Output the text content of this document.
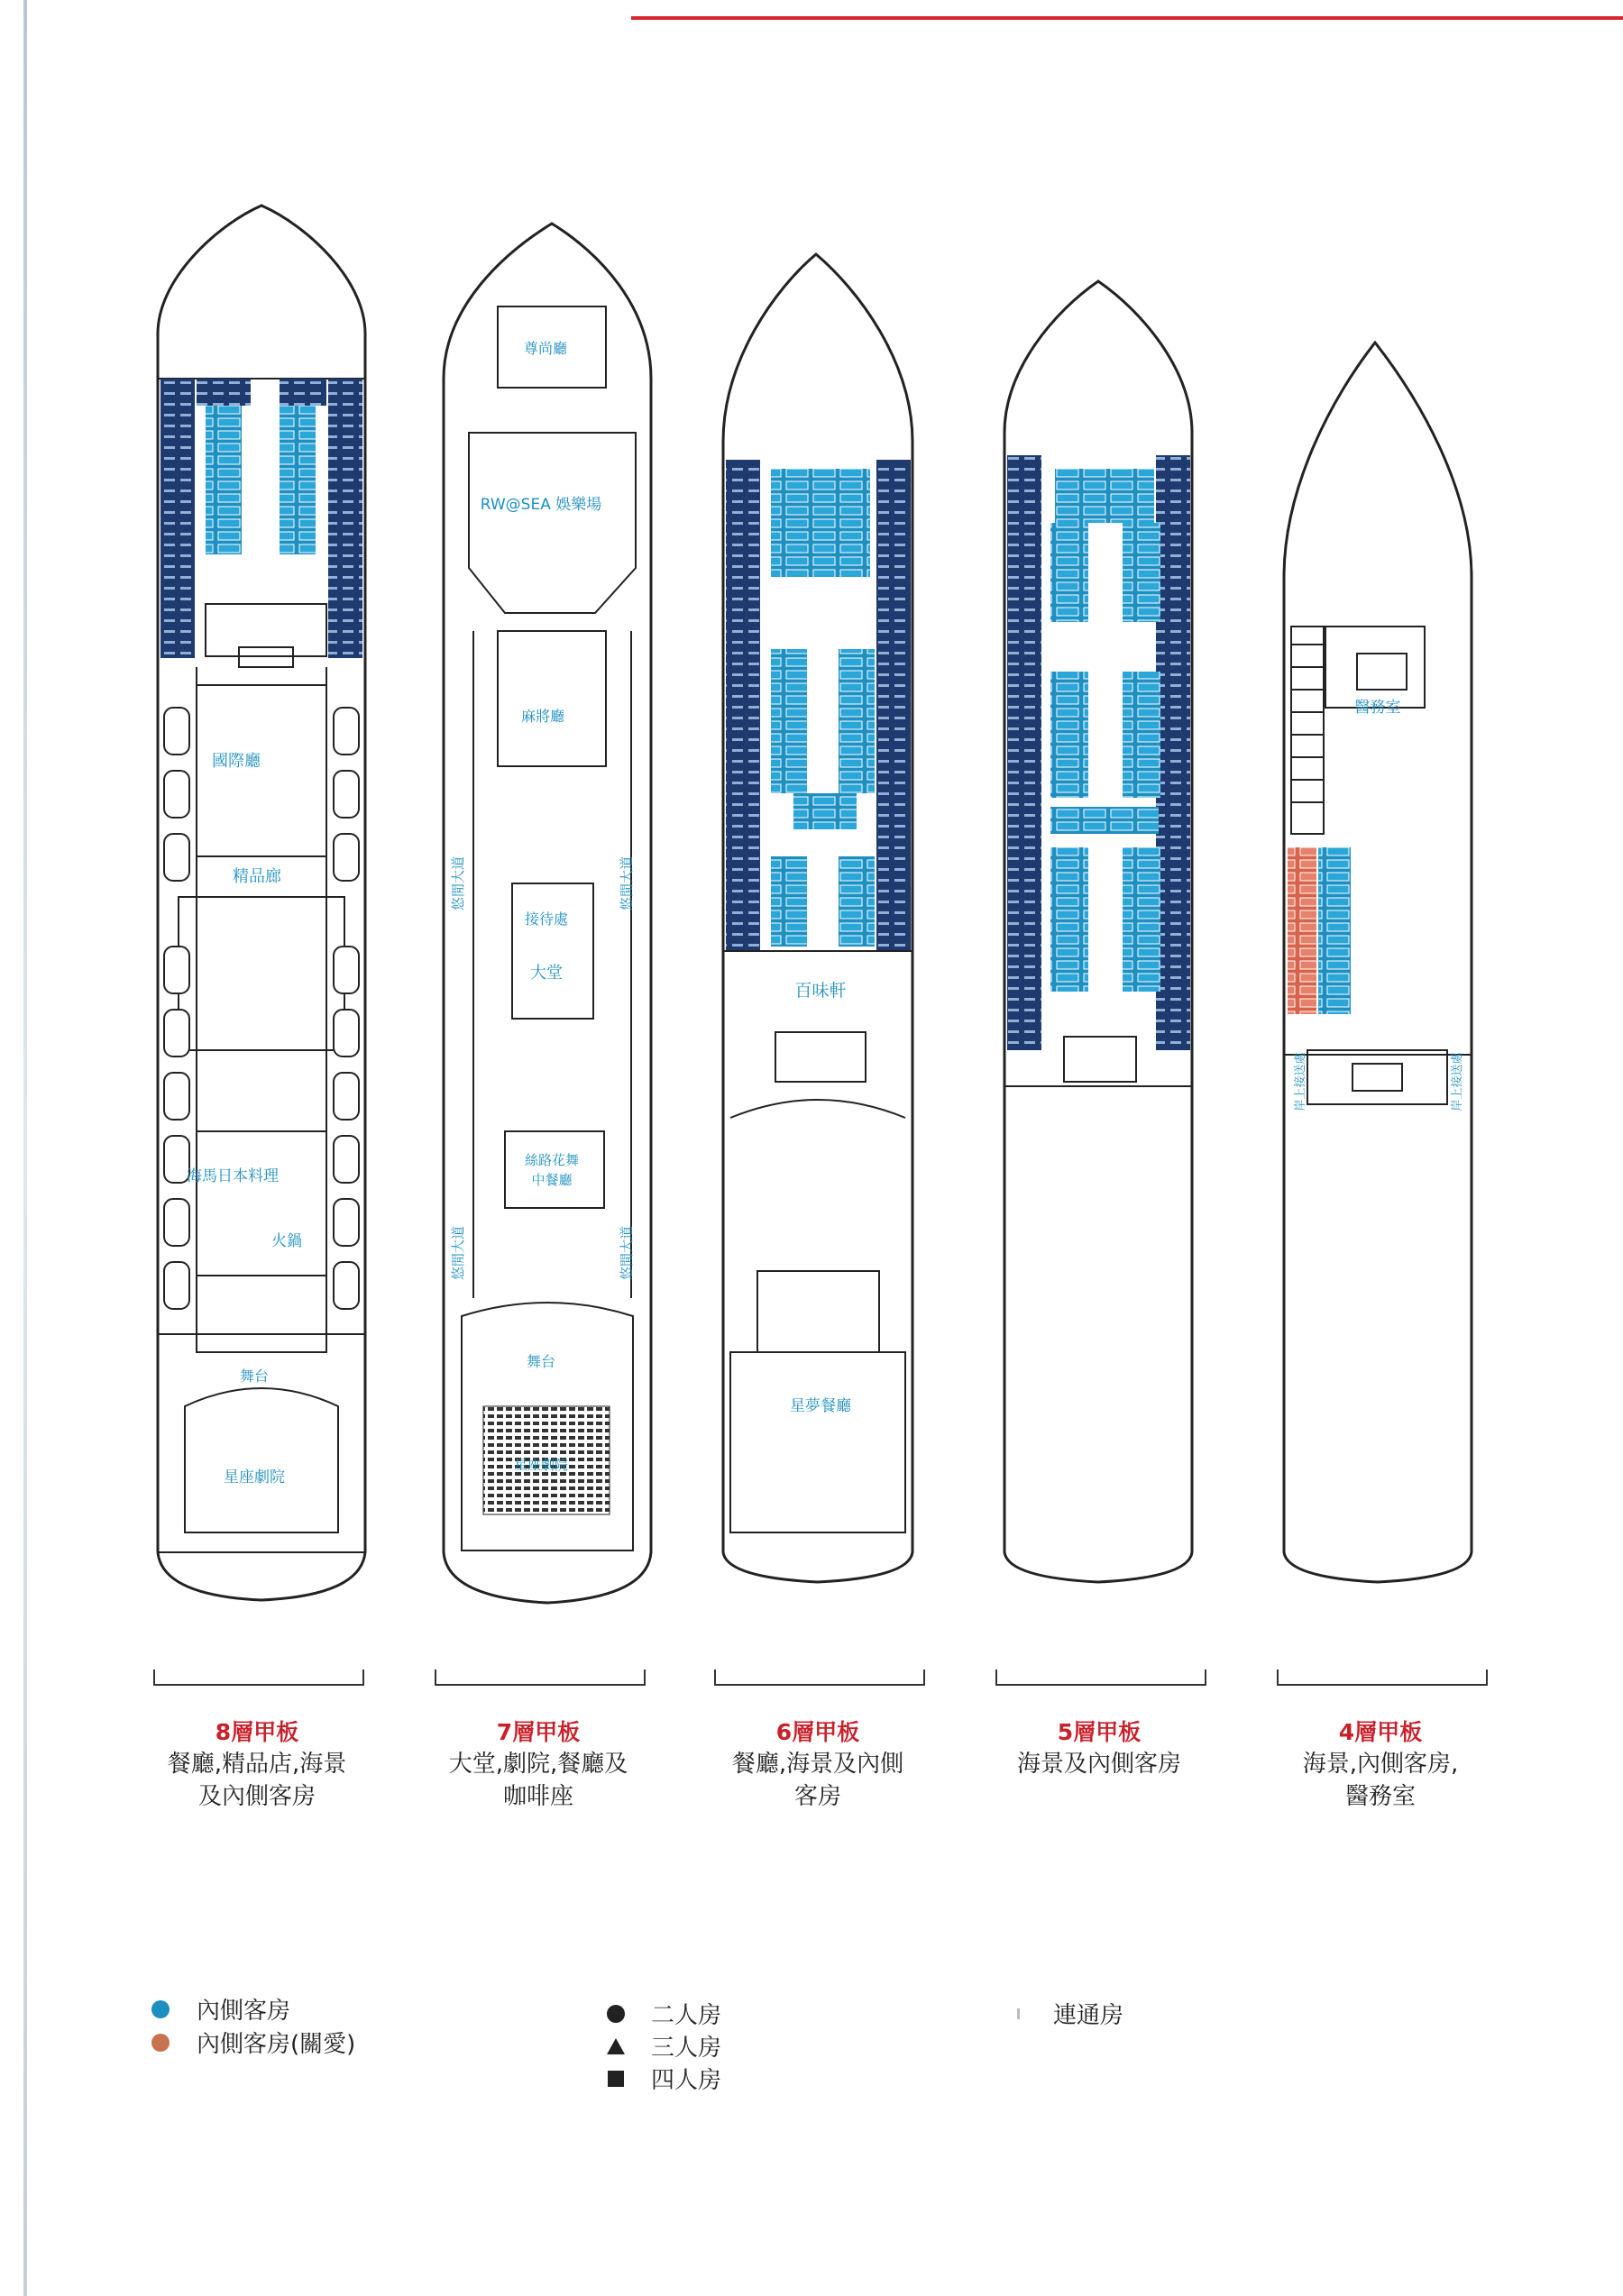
國際廳
精品廊
海馬日本料理
火鍋
舞台
星座劇院
尊尚廳
RW@SEA 娛樂場
麻將廳
接待處
大堂
絲路花舞
中餐廳
舞台
星座劇院
悠閒大道	悠閒大道
悠閒大道	悠閒大道
百味軒
星夢餐廳
醫務室
岸上接送處	岸上接送處
8層甲板
餐廳,精品店,海景
及內側客房
7層甲板
大堂,劇院,餐廳及
咖啡座
6層甲板
餐廳,海景及內側
客房
5層甲板
海景及內側客房
4層甲板
海景,內側客房,
醫務室
內側客房
內側客房(關愛)
二人房
三人房
四人房
連通房
